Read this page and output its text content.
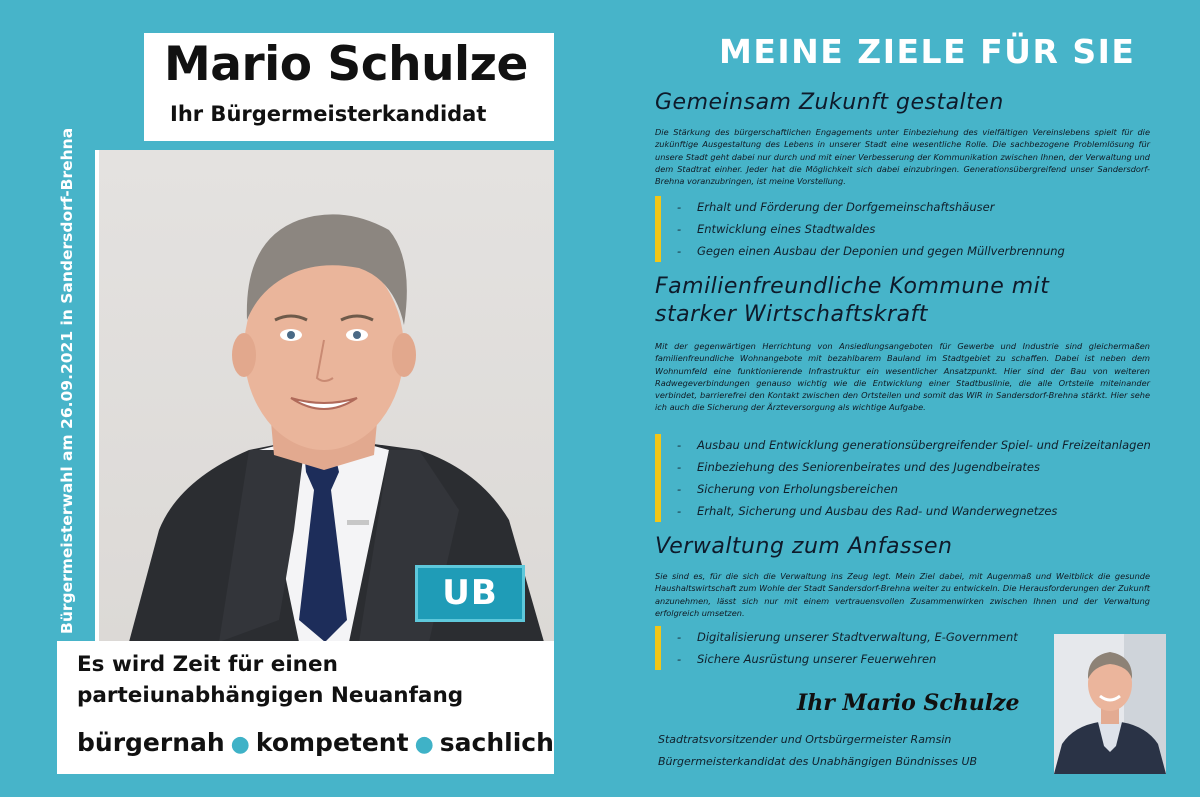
Mario Schulze
Ihr Bürgermeisterkandidat
Bürgermeisterwahl am 26.09.2021 in Sandersdorf-Brehna	UB
Es wird Zeit für einen
parteiunabhängigen Neuanfang
bürgernah ● kompetent ● sachlich
MEINE ZIELE FÜR SIE
Gemeinsam Zukunft gestalten
Die Stärkung des bürgerschaftlichen Engagements unter Einbeziehung des vielfältigen Vereinslebens spielt für die zukünftige Ausgestaltung des Lebens in unserer Stadt eine wesentliche Rolle. Die sachbezogene Problemlösung für unsere Stadt geht dabei nur durch und mit einer Verbesserung der Kommunikation zwischen Ihnen, der Verwaltung und dem Stadtrat einher. Jeder hat die Möglichkeit sich dabei einzubringen. Generationsübergreifend unser Sandersdorf-Brehna voranzubringen, ist meine Vorstellung.
- Erhalt und Förderung der Dorfgemeinschaftshäuser
- Entwicklung eines Stadtwaldes
- Gegen einen Ausbau der Deponien und gegen Müllverbrennung
Familienfreundliche Kommune mit
starker Wirtschaftskraft
Mit der gegenwärtigen Herrichtung von Ansiedlungsangeboten für Gewerbe und Industrie sind gleichermaßen familienfreundliche Wohnangebote mit bezahlbarem Bauland im Stadtgebiet zu schaffen. Dabei ist neben dem Wohnumfeld eine funktionierende Infrastruktur ein wesentlicher Ansatzpunkt. Hier sind der Bau von weiteren Radwegeverbindungen genauso wichtig wie die Entwicklung einer Stadtbuslinie, die alle Ortsteile miteinander verbindet, barrierefrei den Kontakt zwischen den Ortsteilen und somit das WIR in Sandersdorf-Brehna stärkt. Hier sehe ich auch die Sicherung der Ärzteversorgung als wichtige Aufgabe.
- Ausbau und Entwicklung generationsübergreifender Spiel- und Freizeitanlagen
- Einbeziehung des Seniorenbeirates und des Jugendbeirates
- Sicherung von Erholungsbereichen
- Erhalt, Sicherung und Ausbau des Rad- und Wanderwegnetzes
Verwaltung zum Anfassen
Sie sind es, für die sich die Verwaltung ins Zeug legt. Mein Ziel dabei, mit Augenmaß und Weitblick die gesunde Haushaltswirtschaft zum Wohle der Stadt Sandersdorf-Brehna weiter zu entwickeln. Die Herausforderungen der Zukunft anzunehmen, lässt sich nur mit einem vertrauensvollen Zusammenwirken zwischen Ihnen und der Verwaltung erfolgreich umsetzen.
- Digitalisierung unserer Stadtverwaltung, E-Government
- Sichere Ausrüstung unserer Feuerwehren
Ihr Mario Schulze
Stadtratsvorsitzender und Ortsbürgermeister Ramsin
Bürgermeisterkandidat des Unabhängigen Bündnisses UB
